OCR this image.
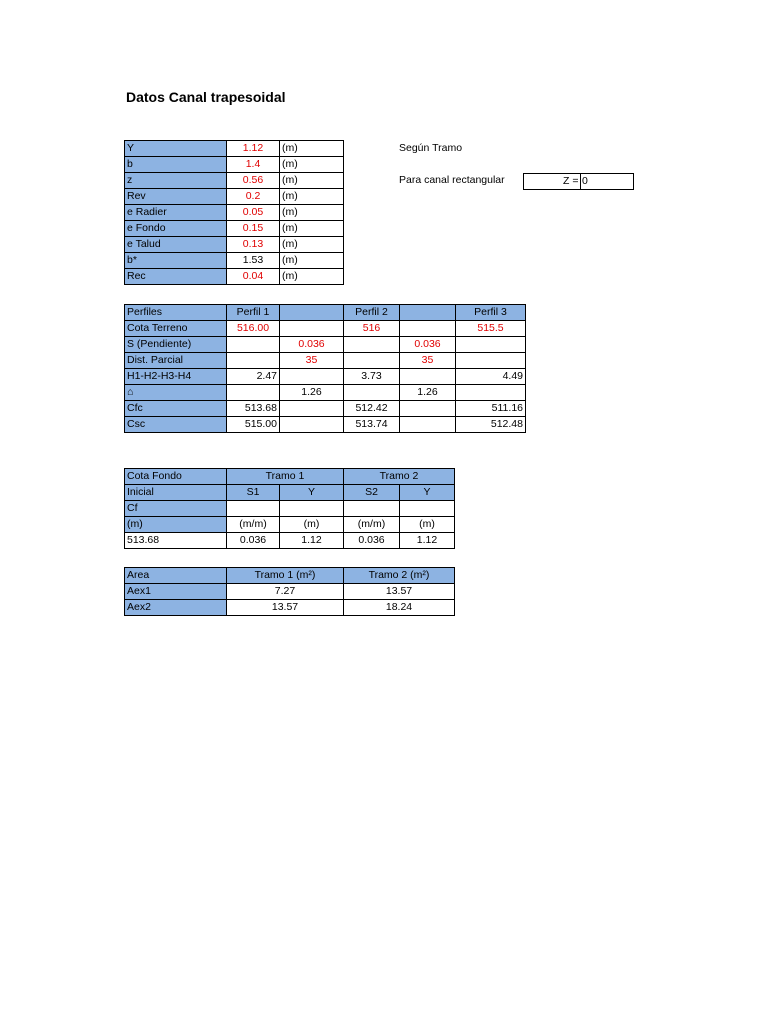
Datos Canal trapesoidal
Y	1.12	(m)
b	1.4	(m)
z	0.56	(m)
Rev	0.2	(m)
e Radier	0.05	(m)
e Fondo	0.15	(m)
e Talud	0.13	(m)
b*	1.53	(m)
Rec	0.04	(m)
Según Tramo
Para canal rectangular	Z = 0
Perfiles	Perfil 1		Perfil 2		Perfil 3
Cota Terreno	516.00		516		515.5
S (Pendiente)		0.036		0.036	
Dist. Parcial		35		35	
H1-H2-H3-H4	2.47		3.73		4.49
⌂		1.26		1.26	
Cfc	513.68		512.42		511.16
Csc	515.00		513.74		512.48
Cota Fondo	Tramo 1		Tramo 2	
Inicial	S1	Y	S2	Y
Cf				
(m)	(m/m)	(m)	(m/m)	(m)
513.68	0.036	1.12	0.036	1.12
Area	Tramo 1 (m²)	Tramo 2 (m²)
Aex1	7.27	13.57
Aex2	13.57	18.24
